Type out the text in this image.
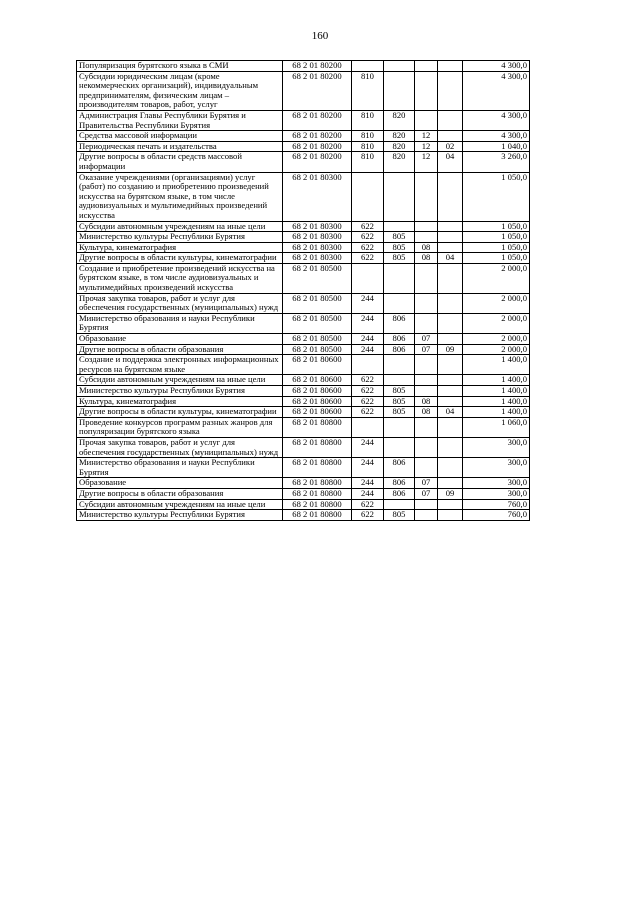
160
Популяризация бурятского языка в СМИ	68 2 01 80200					4 300,0
Субсидии юридическим лицам (кроме некоммерческих организаций), индивидуальным предпринимателям, физическим лицам – производителям товаров, работ, услуг	68 2 01 80200	810				4 300,0
Администрация Главы Республики Бурятия и Правительства Республики Бурятия	68 2 01 80200	810	820			4 300,0
Средства массовой информации	68 2 01 80200	810	820	12		4 300,0
Периодическая печать и издательства	68 2 01 80200	810	820	12	02	1 040,0
Другие вопросы в области средств массовой информации	68 2 01 80200	810	820	12	04	3 260,0
Оказание учреждениями (организациями) услуг (работ) по созданию и приобретению произведений искусства на бурятском языке, в том числе аудиовизуальных и мультимедийных произведений искусства	68 2 01 80300					1 050,0
Субсидии автономным учреждениям на иные цели	68 2 01 80300	622				1 050,0
Министерство культуры Республики Бурятия	68 2 01 80300	622	805			1 050,0
Культура, кинематография	68 2 01 80300	622	805	08		1 050,0
Другие вопросы в области культуры, кинематографии	68 2 01 80300	622	805	08	04	1 050,0
Создание и приобретение произведений искусства на бурятском языке, в том числе аудиовизуальных и мультимедийных произведений искусства	68 2 01 80500					2 000,0
Прочая закупка товаров, работ и услуг для обеспечения государственных (муниципальных) нужд	68 2 01 80500	244				2 000,0
Министерство образования и науки Республики Бурятия	68 2 01 80500	244	806			2 000,0
Образование	68 2 01 80500	244	806	07		2 000,0
Другие вопросы в области образования	68 2 01 80500	244	806	07	09	2 000,0
Создание и поддержка электронных информационных ресурсов на бурятском языке	68 2 01 80600					1 400,0
Субсидии автономным учреждениям на иные цели	68 2 01 80600	622				1 400,0
Министерство культуры Республики Бурятия	68 2 01 80600	622	805			1 400,0
Культура, кинематография	68 2 01 80600	622	805	08		1 400,0
Другие вопросы в области культуры, кинематографии	68 2 01 80600	622	805	08	04	1 400,0
Проведение конкурсов программ разных жанров для популяризации бурятского языка	68 2 01 80800					1 060,0
Прочая закупка товаров, работ и услуг для обеспечения государственных (муниципальных) нужд	68 2 01 80800	244				300,0
Министерство образования и науки Республики Бурятия	68 2 01 80800	244	806			300,0
Образование	68 2 01 80800	244	806	07		300,0
Другие вопросы в области образования	68 2 01 80800	244	806	07	09	300,0
Субсидии автономным учреждениям на иные цели	68 2 01 80800	622				760,0
Министерство культуры Республики Бурятия	68 2 01 80800	622	805			760,0
